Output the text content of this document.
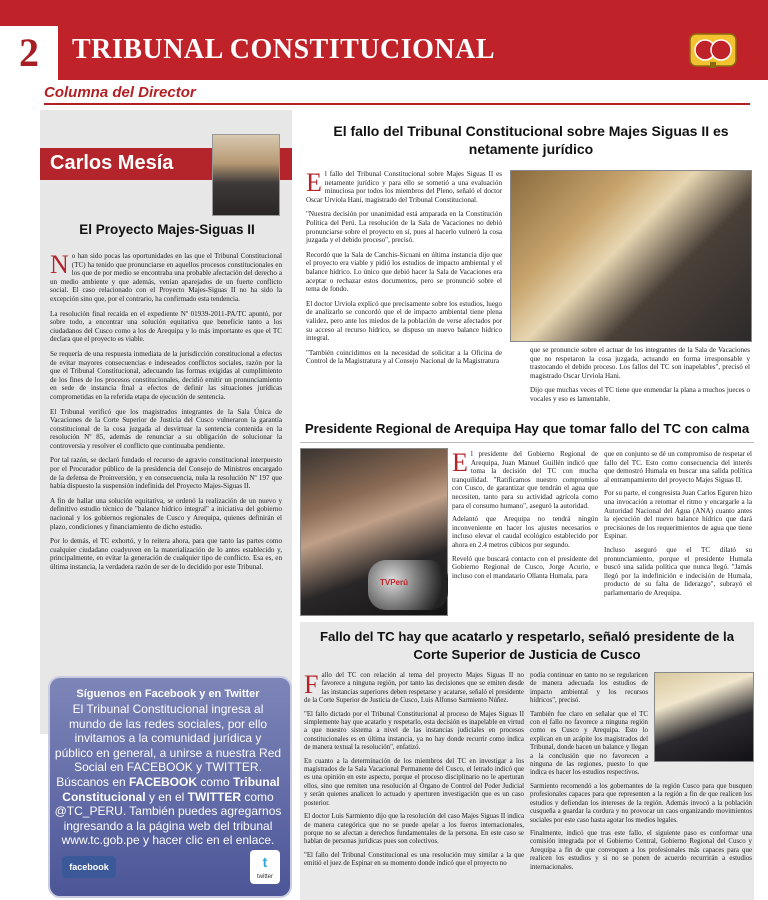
2	TRIBUNAL CONSTITUCIONAL
Columna del Director
Carlos Mesía
El Proyecto Majes-Siguas II

No han sido pocas las oportunidades en las que el Tribunal Constitucional (TC) ha tenido que pronunciarse en aquellos procesos constitucionales en los que de por medio se encontraba una probable afectación del derecho a un medio ambiente y que además, venían aparejados de un fuerte conflicto social. El caso relacionado con el Proyecto Majes-Siguas II no ha sido la excepción sino que, por el contrario, ha confirmado esta tendencia.

La resolución final recaída en el expediente Nº 01939-2011-PA/TC apuntó, por sobre todo, a encontrar una solución equitativa que beneficie tanto a los ciudadanos del Cusco como a los de Arequipa y lo más importante es que el TC declara que el proyecto es viable.

Se requería de una respuesta inmediata de la jurisdicción constitucional a efectos de evitar mayores consecuencias e indeseados conflictos sociales, razón por la que el Tribunal Constitucional, adecuando las formas exigidas al cumplimiento de los fines de los procesos constitucionales, decidió emitir un pronunciamiento en sede de instancia final a efectos de definir las situaciones jurídicas comprometidas en la referida etapa de ejecución de sentencia.

El Tribunal verificó que los magistrados integrantes de la Sala Única de Vacaciones de la Corte Superior de Justicia del Cusco vulneraron la garantía constitucional de la cosa juzgada al desvirtuar la sentencia contenida en la resolución Nº 85, además de renunciar a su obligación de solucionar la controversia y resolver el conflicto que continuaba pendiente.

Por tal razón, se declaró fundado el recurso de agravio constitucional interpuesto por el Procurador público de la presidencia del Consejo de Ministros encargado de la defensa de Proinversión, y en consecuencia, nula la resolución Nº 197 que había dispuesto la suspensión indefinida del Proyecto Majes-Siguas II.

A fin de hallar una solución equitativa, se ordenó la realización de un nuevo y definitivo estudio técnico de "balance hídrico integral" a iniciativa del gobierno nacional y los gobiernos regionales de Cusco y Arequipa, quienes definirán el plazo, condiciones y financiamiento de dicho estudio.

Por lo demás, el TC exhortó, y lo reitera ahora, para que tanto las partes como cualquier ciudadano coadyuven en la materialización de lo antes establecido y, principalmente, en evitar la generación de cualquier tipo de conflicto. Esa es, en última instancia, la verdadera razón de ser de lo decidido por este Tribunal.

Síguenos en Facebook y en Twitter
El Tribunal Constitucional ingresa al mundo de las redes sociales, por ello invitamos a la comunidad jurídica y público en general, a unirse a nuestra Red Social en FACEBOOK y TWITTER. Búscanos en FACEBOOK como Tribunal Constitucional y en el TWITTER como @TC_PERU. También puedes agregarnos ingresando a la página web del tribunal www.tc.gob.pe y hacer clic en el enlace.
facebook	t
twitter
El fallo del Tribunal Constitucional sobre Majes Siguas II es netamente jurídico

El fallo del Tribunal Constitucional sobre Majes Siguas II es netamente jurídico y para ello se sometió a una evaluación minuciosa por todos los miembros del Pleno, señaló el doctor Oscar Urviola Hani, magistrado del Tribunal Constitucional.

"Nuestra decisión por unanimidad está amparada en la Constitución Política del Perú. La resolución de la Sala de Vacaciones no debió pronunciarse sobre el proyecto en sí, pues al hacerlo vulneró la cosa juzgada y el debido proceso", precisó.

Recordó que la Sala de Canchis-Sicuani en última instancia dijo que el proyecto era viable y pidió los estudios de impacto ambiental y el balance hídrico. Lo único que debió hacer la Sala de Vacaciones era aceptar o rechazar estos documentos, pero se pronunció sobre el tema de fondo.

El doctor Urviola explicó que precisamente sobre los estudios, luego de analizarlo se concordó que el de impacto ambiental tiene plena validez, pero ante los miedos de la población de verse afectados por su acceso al recurso hídrico, se dispuso un nuevo balance hídrico integral.

"También coincidimos en la necesidad de solicitar a la Oficina de Control de la Magistratura y al Consejo Nacional de la Magistratura

que se pronuncie sobre el actuar de los integrantes de la Sala de Vacaciones que no respetaron la cosa juzgada, actuando en forma irresponsable y trastocando el debido proceso. Los fallos del TC son inapelables", precisó el magistrado Oscar Urviola Hani.

Dijo que muchas veces el TC tiene que enmendar la plana a muchos jueces o vocales y eso es lamentable.

Presidente Regional de Arequipa Hay que tomar fallo del TC con calma
TVPerú

El presidente del Gobierno Regional de Arequipa, Juan Manuel Guillén indicó que toma la decisión del TC con mucha tranquilidad. "Ratificamos nuestro compromiso con Cusco, de garantizar que tendrán el agua que necesiten, tanto para su actividad agrícola como para el consumo humano", aseguró la autoridad.

Adelantó que Arequipa no tendrá ningún inconveniente en hacer los ajustes necesarios e incluso elevar el caudal ecológico establecido por ahora en 2.4 metros cúbicos por segundo.

Reveló que buscará contacto con el presidente del Gobierno Regional de Cusco, Jorge Acurio, e incluso con el mandatario Ollanta Humala, para

que en conjunto se dé un compromiso de respetar el fallo del TC. Esto como consecuencia del interés que demostró Humala en buscar una salida política al entrampamiento del proyecto Majes Siguas II.

Por su parte, el congresista Juan Carlos Eguren hizo una invocación a retomar el ritmo y encargarle a la Autoridad Nacional del Agua (ANA) cuanto antes la ejecución del nuevo balance hídrico que dará precisiones de los requerimientos de agua que tiene Espinar.

Incluso aseguró que el TC dilató su pronunciamiento, porque el presidente Humala buscó una salida política que nunca llegó. "Jamás llegó por la indefinición e indecisión de Humala, producto de su falta de liderazgo", subrayó el parlamentario de Arequipa.

Fallo del TC hay que acatarlo y respetarlo, señaló presidente de la Corte Superior de Justicia de Cusco

Fallo del TC con relación al tema del proyecto Majes Siguas II no favorece a ninguna región, por tanto las decisiones que se emiten desde las instancias superiores deben respetarse y acatarse, señaló el presidente de la Corte Superior de Justicia de Cusco, Luis Alfonso Sarmiento Núñez.

"El fallo dictado por el Tribunal Constitucional al proceso de Majes Siguas II simplemente hay que acatarlo y respetarlo, esta decisión es inapelable en virtud a que nuestro sistema a nivel de las instancias judiciales en procesos constitucionales es en última instancia, ya no hay donde recurrir como indica de manera textual la resolución", enfatizó.

En cuanto a la determinación de los miembros del TC en investigar a los magistrados de la Sala Vacacional Permanente del Cusco, el letrado indicó que es una opinión en este aspecto, porque el proceso disciplinario no le aperturan ellos, sino que remiten una resolución al Órgano de Control del Poder Judicial y serán quienes analicen lo actuado y aperturen investigación que es un caso posterior.

El doctor Luis Sarmiento dijo que la resolución del caso Majes Siguas II indica de manera categórica que no se puede apelar a los fueros internacionales, porque no se afectan a derechos fundamentales de la persona. En este caso se hablan de personas jurídicas pues son colectivos.

"El fallo del Tribunal Constitucional es una resolución muy similar a la que emitió el juez de Espinar en su momento donde indicó que el proyecto no

podía continuar en tanto no se regularicen de manera adecuada los estudios de impacto ambiental y los recursos hídricos", precisó.

También fue claro en señalar que el TC con el fallo no favorece a ninguna región como es Cusco y Arequipa. Esto lo explican en un acápite los magistrados del Tribunal, donde hacen un balance y llegan a la conclusión que no favorecen a ninguna de las regiones, puesto lo que indica es hacer los estudios respectivos.

Sarmiento recomendó a los gobernantes de la región Cusco para que busquen profesionales capaces para que representen a la región a fin de que realicen los estudios y defiendan los intereses de la región. Además invocó a la población cusqueña a guardar la cordura y no provocar un caos organizando movimientos sociales por este caso hasta agotar los medios legales.

Finalmente, indicó que tras este fallo, el siguiente paso es conformar una comisión integrada por el Gobierno Central, Gobierno Regional del Cusco y Arequipa a fin de que convoquen a los profesionales más capaces para que realicen los estudios y si no se ponen de acuerdo recurrirán a estudios internacionales.
